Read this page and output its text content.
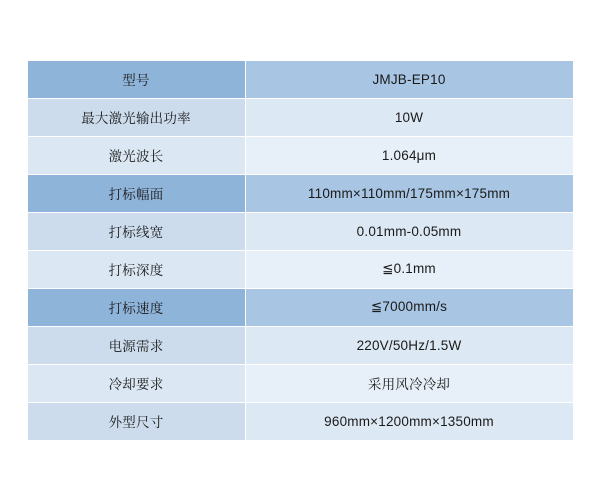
型号	JMJB-EP10
最大激光输出功率	10W
激光波长	1.064μm
打标幅面	110mm×110mm/175mm×175mm
打标线宽	0.01mm-0.05mm
打标深度	≦0.1mm
打标速度	≦7000mm/s
电源需求	220V/50Hz/1.5W
冷却要求	采用风冷冷却
外型尺寸	960mm×1200mm×1350mm
